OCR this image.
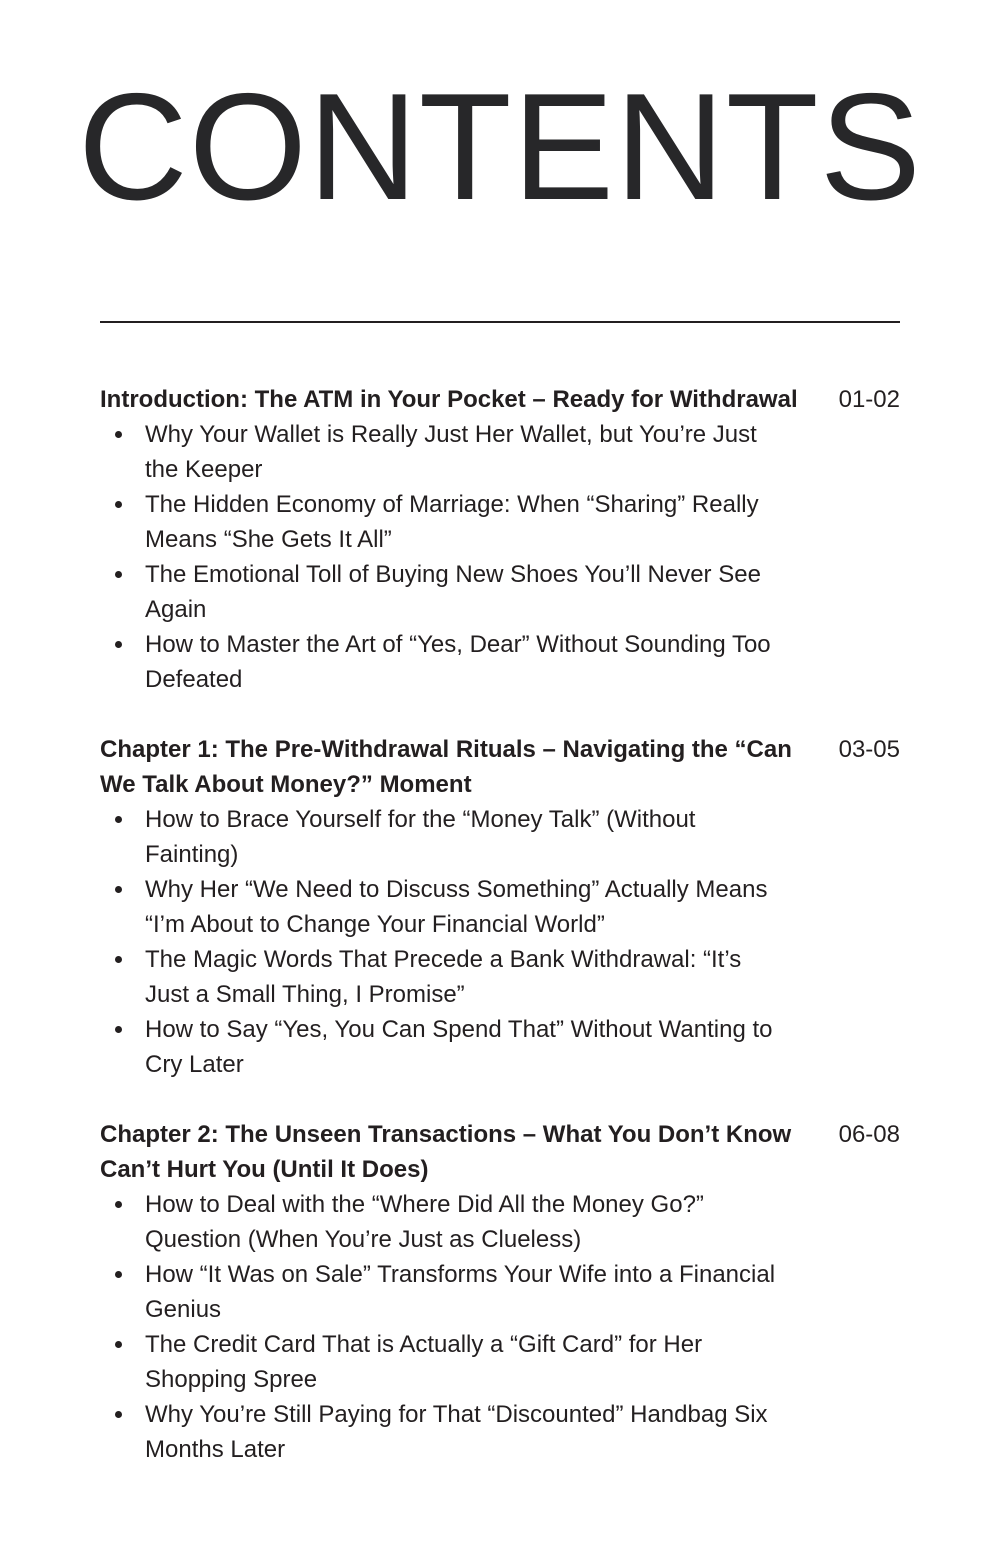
CONTENTS
Introduction: The ATM in Your Pocket – Ready for Withdrawal 01-02
Why Your Wallet is Really Just Her Wallet, but You’re Just the Keeper
The Hidden Economy of Marriage: When “Sharing” Really Means “She Gets It All”
The Emotional Toll of Buying New Shoes You’ll Never See Again
How to Master the Art of “Yes, Dear” Without Sounding Too Defeated
Chapter 1: The Pre-Withdrawal Rituals – Navigating the “Can We Talk About Money?” Moment
03-05
How to Brace Yourself for the “Money Talk” (Without Fainting)
Why Her “We Need to Discuss Something” Actually Means “I’m About to Change Your Financial World”
The Magic Words That Precede a Bank Withdrawal: “It’s Just a Small Thing, I Promise”
How to Say “Yes, You Can Spend That” Without Wanting to Cry Later
Chapter 2: The Unseen Transactions – What You Don’t Know Can’t Hurt You (Until It Does)
06-08
How to Deal with the “Where Did All the Money Go?” Question (When You’re Just as Clueless)
How “It Was on Sale” Transforms Your Wife into a Financial Genius
The Credit Card That is Actually a “Gift Card” for Her Shopping Spree
Why You’re Still Paying for That “Discounted” Handbag Six Months Later
